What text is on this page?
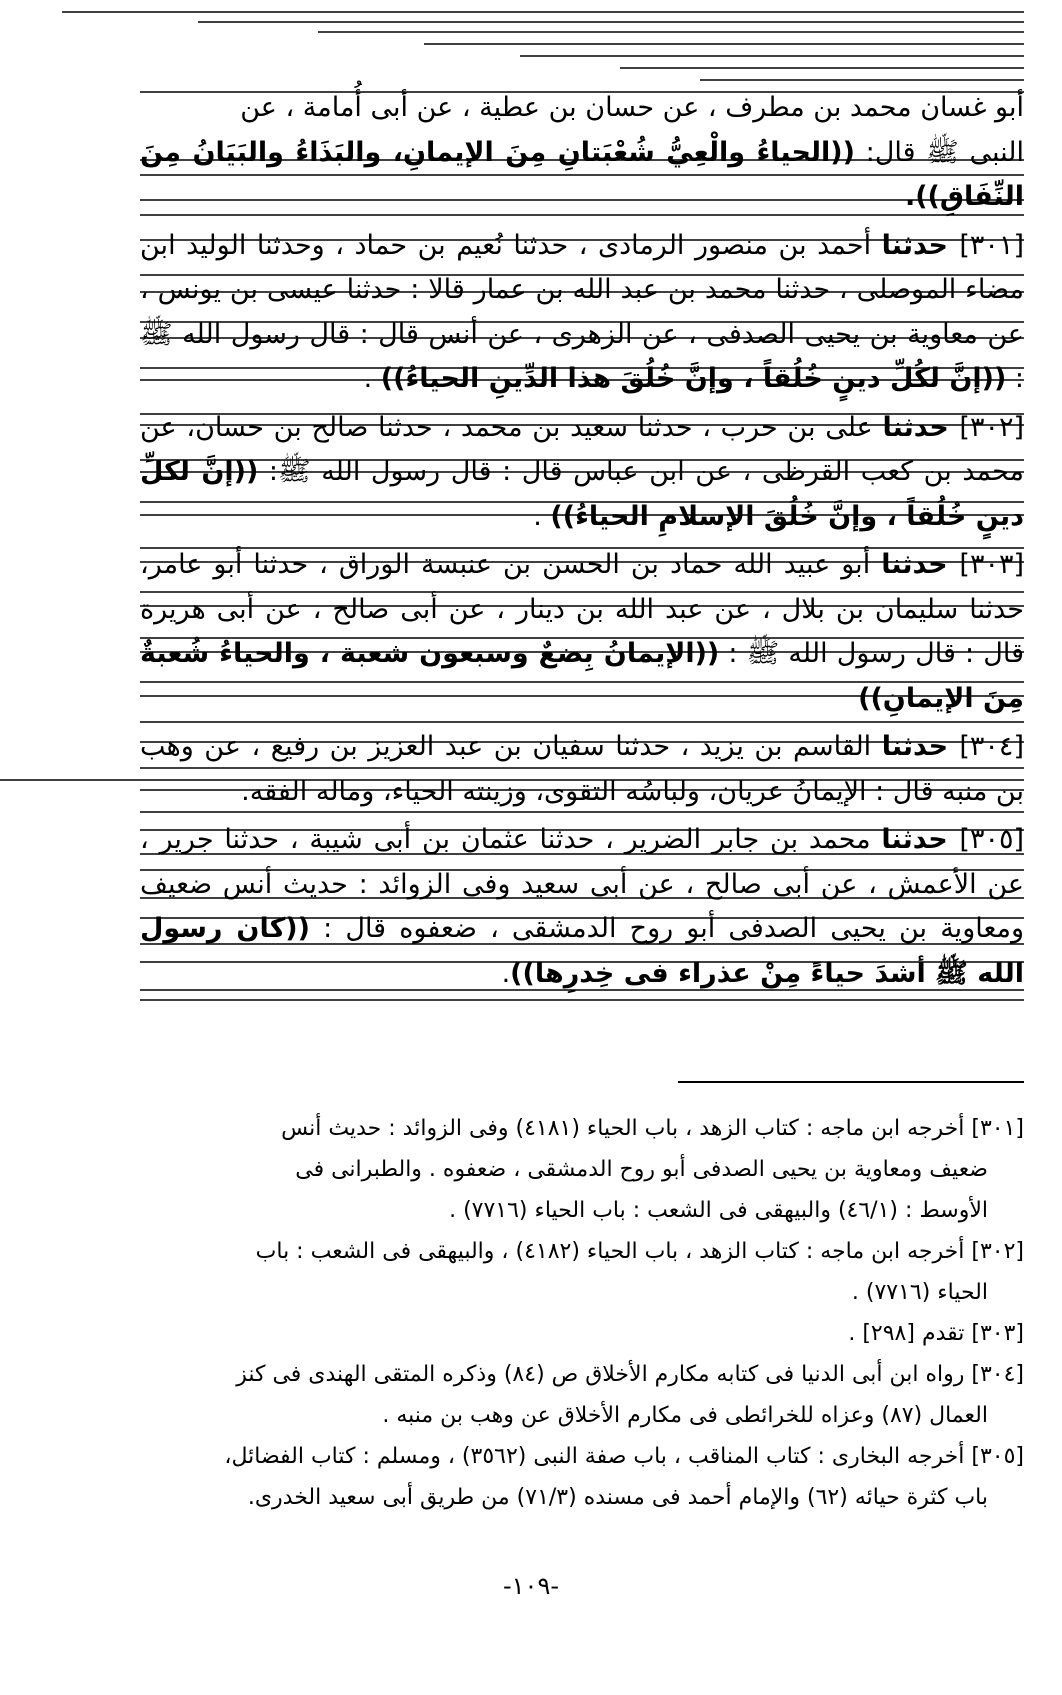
أبو غسان محمد بن مطرف ، عن حسان بن عطية ، عن أبى أُمامة ، عن
النبى ﷺ قال: ((الحياءُ والْعِيُّ شُعْبَتانِ مِنَ الإيمانِ، والبَذَاءُ والبَيَانُ مِنَ النِّفَاقِ)).

[٣٠١] حدثنا أحمد بن منصور الرمادى ، حدثنا نُعيم بن حماد ، وحدثنا الوليد ابن مضاء الموصلى ، حدثنا محمد بن عبد الله بن عمار قالا : حدثنا عيسى بن يونس ، عن معاوية بن يحيى الصدفى ، عن الزهرى ، عن أنس قال : قال رسول الله ﷺ : ((إنَّ لكُلِّ دينٍ خُلُقاً ، وإنَّ خُلُقَ هذا الدِّينِ الحياءُ)) .

[٣٠٢] حدثنا على بن حرب ، حدثنا سعيد بن محمد ، حدثنا صالح بن حسان، عن محمد بن كعب القرظى ، عن ابن عباس قال : قال رسول الله ﷺ: ((إنَّ لكلِّ دينٍ خُلُقاً ، وإنَّ خُلُقَ الإسلامِ الحياءُ)) .

[٣٠٣] حدثنا أبو عبيد الله حماد بن الحسن بن عنبسة الوراق ، حدثنا أبو عامر، حدثنا سليمان بن بلال ، عن عبد الله بن دينار ، عن أبى صالح ، عن أبى هريرة قال : قال رسول الله ﷺ : ((الإيمانُ بِضعٌ وسبعون شعبة ، والحياءُ شُعبةٌ مِنَ الإيمانِ))

[٣٠٤] حدثنا القاسم بن يزيد ، حدثنا سفيان بن عبد العزيز بن رفيع ، عن وهب بن منبه قال : الإيمانُ عريان، ولباسُه التقوى، وزينته الحياء، وماله الفقه.

[٣٠٥] حدثنا محمد بن جابر الضرير ، حدثنا عثمان بن أبى شيبة ، حدثنا جرير ، عن الأعمش ، عن أبى صالح ، عن أبى سعيد وفى الزوائد : حديث أنس ضعيف ومعاوية بن يحيى الصدفى أبو روح الدمشقى ، ضعفوه قال : ((كان رسول الله ﷺ أشدَ حياءً مِنْ عذراء فى خِدرِها)).

[٣٠١] أخرجه ابن ماجه : كتاب الزهد ، باب الحياء (٤١٨١) وفى الزوائد : حديث أنس

ضعيف ومعاوية بن يحيى الصدفى أبو روح الدمشقى ، ضعفوه . والطبرانى فى

الأوسط : (٤٦/١) والبيهقى فى الشعب : باب الحياء (٧٧١٦) .

[٣٠٢] أخرجه ابن ماجه : كتاب الزهد ، باب الحياء (٤١٨٢) ، والبيهقى فى الشعب : باب

الحياء (٧٧١٦) .

[٣٠٣] تقدم [٢٩٨] .

[٣٠٤] رواه ابن أبى الدنيا فى كتابه مكارم الأخلاق ص (٨٤) وذكره المتقى الهندى فى كنز

العمال (٨٧) وعزاه للخرائطى فى مكارم الأخلاق عن وهب بن منبه .

[٣٠٥] أخرجه البخارى : كتاب المناقب ، باب صفة النبى (٣٥٦٢) ، ومسلم : كتاب الفضائل،

باب كثرة حيائه (٦٢) والإمام أحمد فى مسنده (٧١/٣) من طريق أبى سعيد الخدرى.

-١٠٩-
